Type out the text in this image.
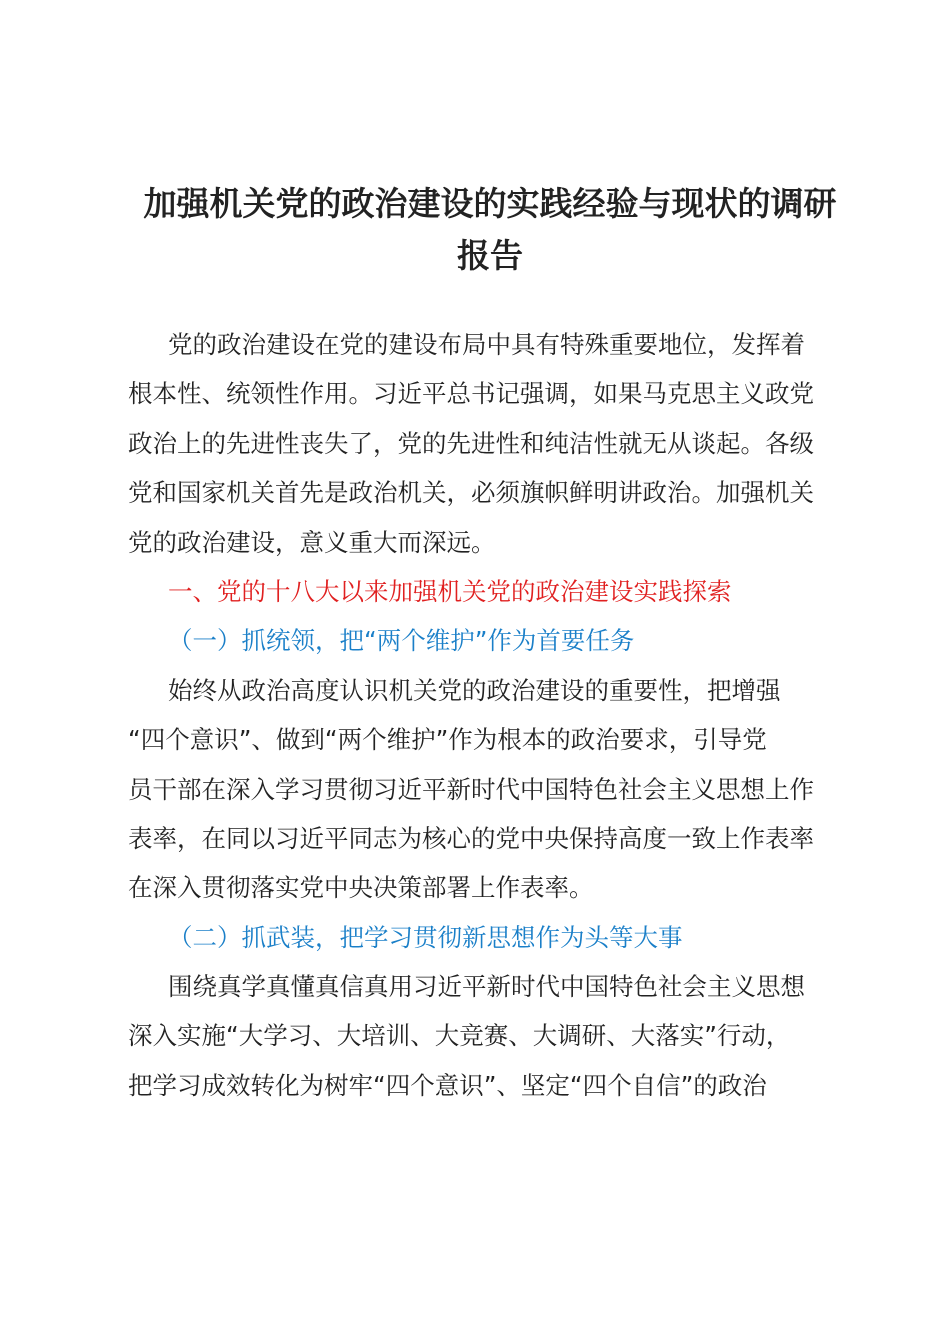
加强机关党的政治建设的实践经验与现状的调研
报告
党的政治建设在党的建设布局中具有特殊重要地位，发挥着
根本性、统领性作用。习近平总书记强调，如果马克思主义政党
政治上的先进性丧失了，党的先进性和纯洁性就无从谈起。各级
党和国家机关首先是政治机关，必须旗帜鲜明讲政治。加强机关
党的政治建设，意义重大而深远。
一、党的十八大以来加强机关党的政治建设实践探索
（一）抓统领，把“两个维护”作为首要任务
始终从政治高度认识机关党的政治建设的重要性，把增强
“四个意识”、做到“两个维护”作为根本的政治要求，引导党
员干部在深入学习贯彻习近平新时代中国特色社会主义思想上作
表率，在同以习近平同志为核心的党中央保持高度一致上作表率
在深入贯彻落实党中央决策部署上作表率。
（二）抓武装，把学习贯彻新思想作为头等大事
围绕真学真懂真信真用习近平新时代中国特色社会主义思想
深入实施“大学习、大培训、大竞赛、大调研、大落实”行动，
把学习成效转化为树牢“四个意识”、坚定“四个自信”的政治
